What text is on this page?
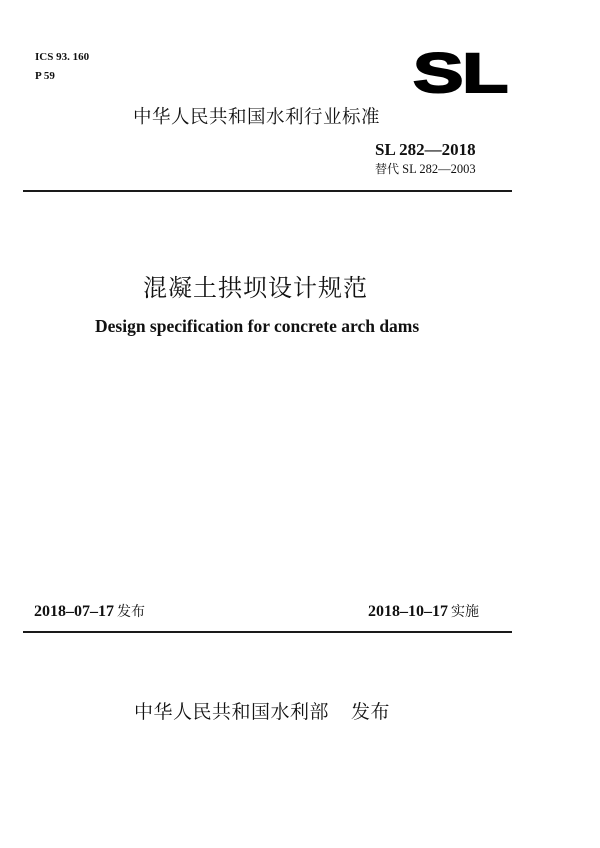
ICS 93. 160
P 59	SL
中华人民共和国水利行业标准
SL 282—2018
替代 SL 282—2003
混凝土拱坝设计规范
Design specification for concrete arch dams
2018–07–17 发布	2018–10–17 实施
中华人民共和国水利部 发布
